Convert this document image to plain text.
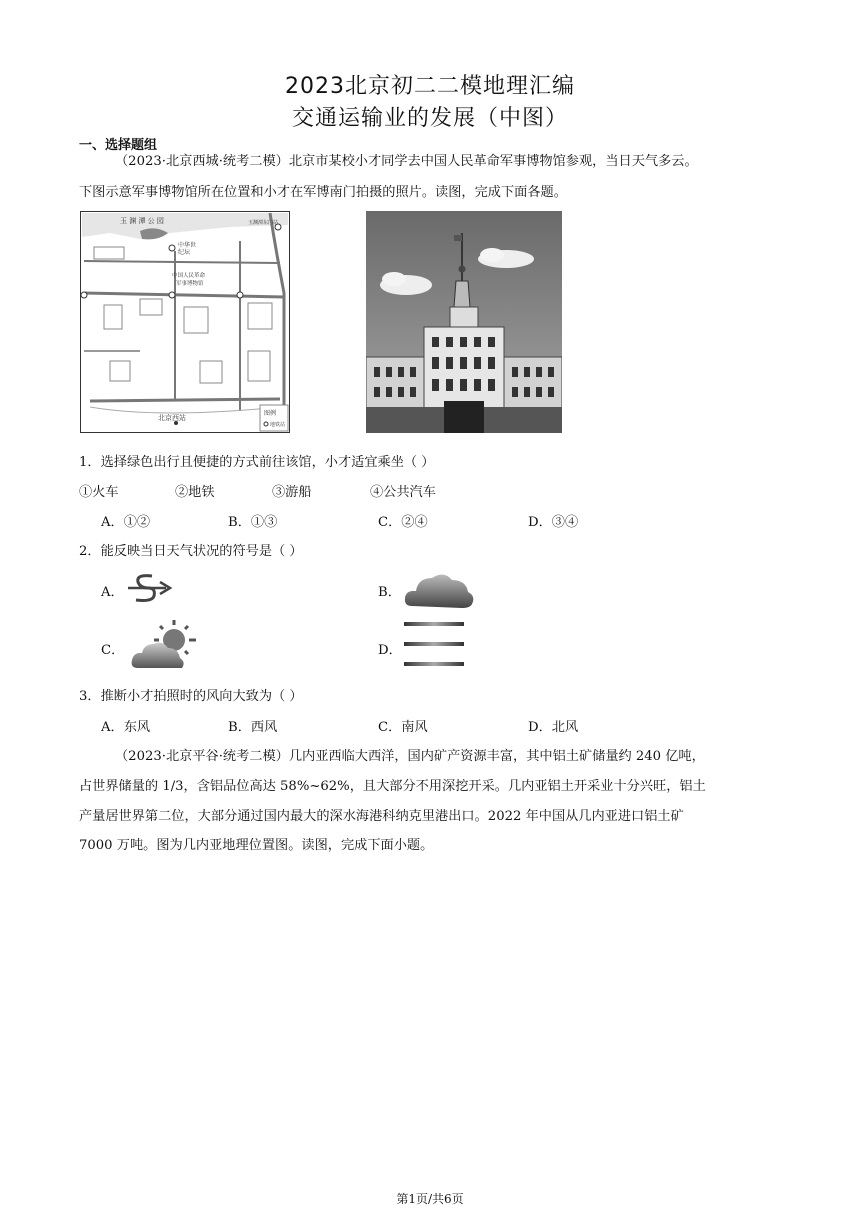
2023北京初二二模地理汇编
交通运输业的发展（中图）
一、选择题组
（2023·北京西城·统考二模）北京市某校小才同学去中国人民革命军事博物馆参观，当日天气多云。
下图示意军事博物馆所在位置和小才在军博南门拍摄的照片。读图，完成下面各题。
玉 渊 潭 公 园	玉渊潭东门站
中华世
纪坛
中国人民革命
军事博物馆
北京西站
图例
地铁站
1．选择绿色出行且便捷的方式前往该馆，小才适宜乘坐（ ）
①火车	②地铁	③游船	④公共汽车
A．①②	B．①③	C．②④	D．③④
2．能反映当日天气状况的符号是（ ）
A．	B．
C．	D．
3．推断小才拍照时的风向大致为（ ）
A．东风	B．西风	C．南风	D．北风
（2023·北京平谷·统考二模）几内亚西临大西洋，国内矿产资源丰富，其中铝土矿储量约 240 亿吨，
占世界储量的 1/3，含铝品位高达 58%~62%，且大部分不用深挖开采。几内亚铝土开采业十分兴旺，铝土
产量居世界第二位，大部分通过国内最大的深水海港科纳克里港出口。2022 年中国从几内亚进口铝土矿
7000 万吨。图为几内亚地理位置图。读图，完成下面小题。
第1页/共6页
